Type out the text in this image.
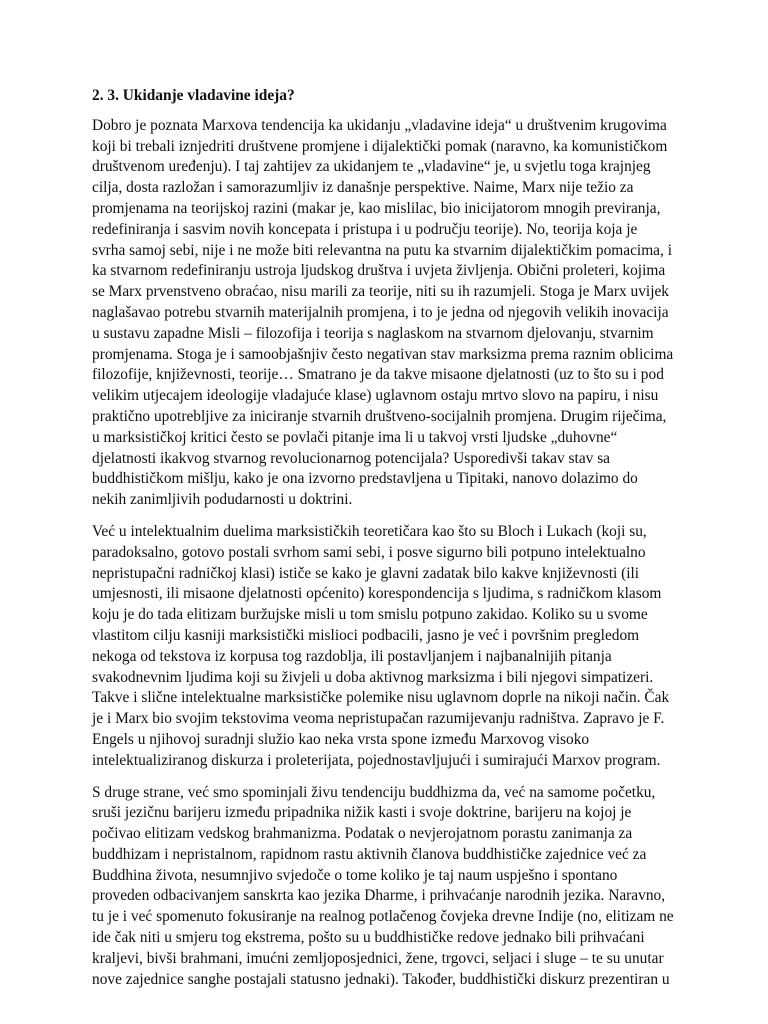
2. 3. Ukidanje vladavine ideja?
Dobro je poznata Marxova tendencija ka ukidanju „vladavine ideja“ u društvenim krugovima
koji bi trebali iznjedriti društvene promjene i dijalektički pomak (naravno, ka komunističkom
društvenom uređenju). I taj zahtijev za ukidanjem te „vladavine“ je, u svjetlu toga krajnjeg
cilja, dosta razložan i samorazumljiv iz današnje perspektive. Naime, Marx nije težio za
promjenama na teorijskoj razini (makar je, kao mislilac, bio inicijatorom mnogih previranja,
redefiniranja i sasvim novih koncepata i pristupa i u području teorije). No, teorija koja je
svrha samoj sebi, nije i ne može biti relevantna na putu ka stvarnim dijalektičkim pomacima, i
ka stvarnom redefiniranju ustroja ljudskog društva i uvjeta življenja. Obični proleteri, kojima
se Marx prvenstveno obraćao, nisu marili za teorije, niti su ih razumjeli. Stoga je Marx uvijek
naglašavao potrebu stvarnih materijalnih promjena, i to je jedna od njegovih velikih inovacija
u sustavu zapadne Misli – filozofija i teorija s naglaskom na stvarnom djelovanju, stvarnim
promjenama. Stoga je i samoobjašnjiv često negativan stav marksizma prema raznim oblicima
filozofije, književnosti, teorije… Smatrano je da takve misaone djelatnosti (uz to što su i pod
velikim utjecajem ideologije vladajuće klase) uglavnom ostaju mrtvo slovo na papiru, i nisu
praktično upotrebljive za iniciranje stvarnih društveno-socijalnih promjena. Drugim riječima,
u marksističkoj kritici često se povlači pitanje ima li u takvoj vrsti ljudske „duhovne“
djelatnosti ikakvog stvarnog revolucionarnog potencijala? Usporedivši takav stav sa
buddhističkom mišlju, kako je ona izvorno predstavljena u Tipitaki, nanovo dolazimo do
nekih zanimljivih podudarnosti u doktrini.
Već u intelektualnim duelima marksističkih teoretičara kao što su Bloch i Lukach (koji su,
paradoksalno, gotovo postali svrhom sami sebi, i posve sigurno bili potpuno intelektualno
nepristupačni radničkoj klasi) ističe se kako je glavni zadatak bilo kakve književnosti (ili
umjesnosti, ili misaone djelatnosti općenito) korespondencija s ljudima, s radničkom klasom
koju je do tada elitizam buržujske misli u tom smislu potpuno zakidao. Koliko su u svome
vlastitom cilju kasniji marksistički mislioci podbacili, jasno je već i površnim pregledom
nekoga od tekstova iz korpusa tog razdoblja, ili postavljanjem i najbanalnijih pitanja
svakodnevnim ljudima koji su živjeli u doba aktivnog marksizma i bili njegovi simpatizeri.
Takve i slične intelektualne marksističke polemike nisu uglavnom doprle na nikoji način. Čak
je i Marx bio svojim tekstovima veoma nepristupačan razumijevanju radništva. Zapravo je F.
Engels u njihovoj suradnji služio kao neka vrsta spone između Marxovog visoko
intelektualiziranog diskurza i proleterijata, pojednostavljujući i sumirajući Marxov program.
S druge strane, već smo spominjali živu tendenciju buddhizma da, već na samome početku,
sruši jezičnu barijeru između pripadnika nižik kasti i svoje doktrine, barijeru na kojoj je
počivao elitizam vedskog brahmanizma. Podatak o nevjerojatnom porastu zanimanja za
buddhizam i nepristalnom, rapidnom rastu aktivnih članova buddhističke zajednice već za
Buddhina života, nesumnjivo svjedoče o tome koliko je taj naum uspješno i spontano
proveden odbacivanjem sanskrta kao jezika Dharme, i prihvaćanje narodnih jezika. Naravno,
tu je i već spomenuto fokusiranje na realnog potlačenog čovjeka drevne Indije (no, elitizam ne
ide čak niti u smjeru tog ekstrema, pošto su u buddhističke redove jednako bili prihvaćani
kraljevi, bivši brahmani, imućni zemljoposjednici, žene, trgovci, seljaci i sluge – te su unutar
nove zajednice sanghe postajali statusno jednaki). Također, buddhistički diskurz prezentiran u
